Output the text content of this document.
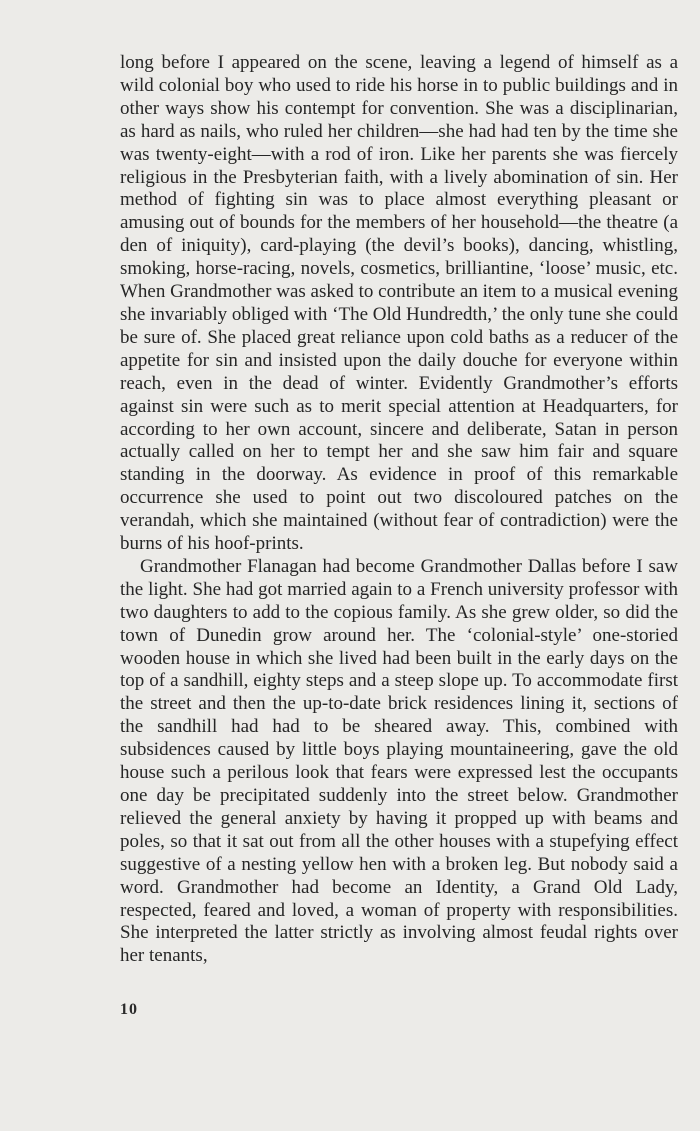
long before I appeared on the scene, leaving a legend of himself as a wild colonial boy who used to ride his horse in to public buildings and in other ways show his contempt for convention. She was a disciplinarian, as hard as nails, who ruled her children—she had had ten by the time she was twenty-eight—with a rod of iron. Like her parents she was fiercely religious in the Presbyterian faith, with a lively abomination of sin. Her method of fighting sin was to place almost everything pleasant or amusing out of bounds for the members of her household—the theatre (a den of iniquity), card-playing (the devil’s books), dancing, whistling, smoking, horse-racing, novels, cosmetics, brilliantine, ‘loose’ music, etc. When Grandmother was asked to contribute an item to a musical evening she invariably obliged with ‘The Old Hundredth,’ the only tune she could be sure of. She placed great reliance upon cold baths as a reducer of the appetite for sin and insisted upon the daily douche for everyone within reach, even in the dead of winter. Evidently Grandmother’s efforts against sin were such as to merit special attention at Headquarters, for according to her own account, sincere and deliberate, Satan in person actually called on her to tempt her and she saw him fair and square standing in the doorway. As evidence in proof of this remarkable occurrence she used to point out two discoloured patches on the verandah, which she maintained (without fear of contradiction) were the burns of his hoof-prints.

Grandmother Flanagan had become Grandmother Dallas before I saw the light. She had got married again to a French university professor with two daughters to add to the copious family. As she grew older, so did the town of Dunedin grow around her. The ‘colonial-style’ one-storied wooden house in which she lived had been built in the early days on the top of a sandhill, eighty steps and a steep slope up. To accommodate first the street and then the up-to-date brick residences lining it, sections of the sandhill had had to be sheared away. This, combined with subsidences caused by little boys playing mountaineering, gave the old house such a perilous look that fears were expressed lest the occupants one day be precipitated suddenly into the street below. Grandmother relieved the general anxiety by having it propped up with beams and poles, so that it sat out from all the other houses with a stupefying effect suggestive of a nesting yellow hen with a broken leg. But nobody said a word. Grandmother had become an Identity, a Grand Old Lady, respected, feared and loved, a woman of property with responsibilities. She interpreted the latter strictly as involving almost feudal rights over her tenants,

10
